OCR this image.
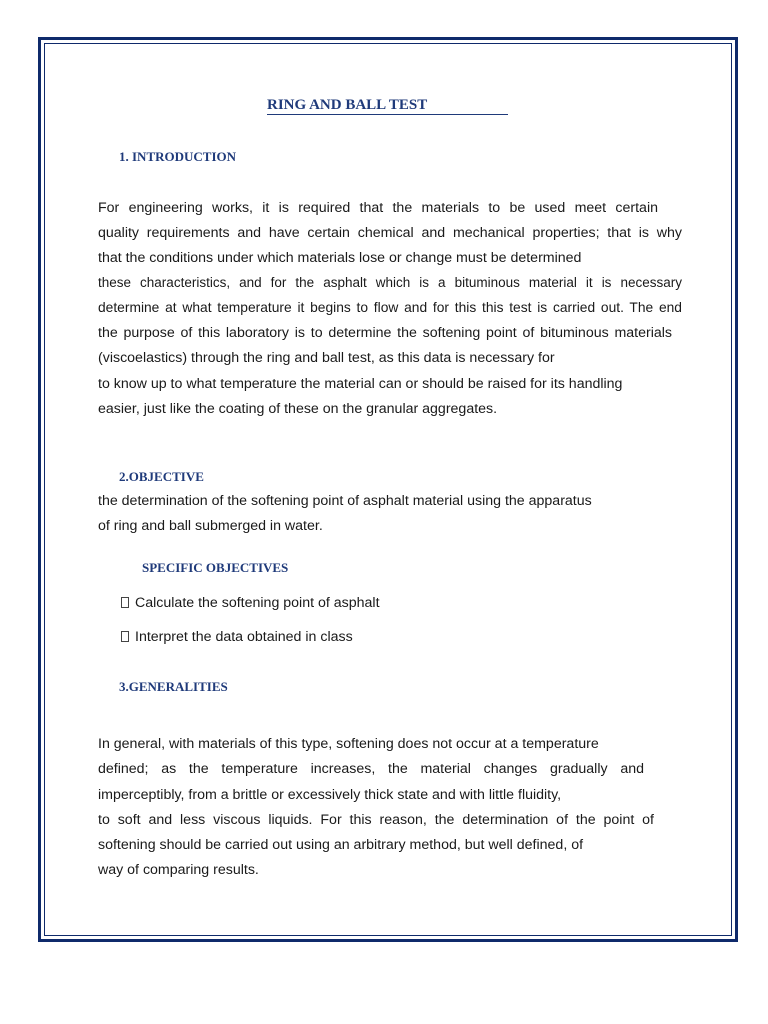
RING AND BALL TEST
1. INTRODUCTION
For engineering works, it is required that the materials to be used meet certain
quality requirements and have certain chemical and mechanical properties; that is why
that the conditions under which materials lose or change must be determined
these characteristics, and for the asphalt which is a bituminous material it is necessary
determine at what temperature it begins to flow and for this this test is carried out. The end
the purpose of this laboratory is to determine the softening point of bituminous materials
(viscoelastics) through the ring and ball test, as this data is necessary for
to know up to what temperature the material can or should be raised for its handling
easier, just like the coating of these on the granular aggregates.
2.OBJECTIVE
the determination of the softening point of asphalt material using the apparatus
of ring and ball submerged in water.
SPECIFIC OBJECTIVES
Calculate the softening point of asphalt
Interpret the data obtained in class
3.GENERALITIES
In general, with materials of this type, softening does not occur at a temperature
defined; as the temperature increases, the material changes gradually and
imperceptibly, from a brittle or excessively thick state and with little fluidity,
to soft and less viscous liquids. For this reason, the determination of the point of
softening should be carried out using an arbitrary method, but well defined, of
way of comparing results.
